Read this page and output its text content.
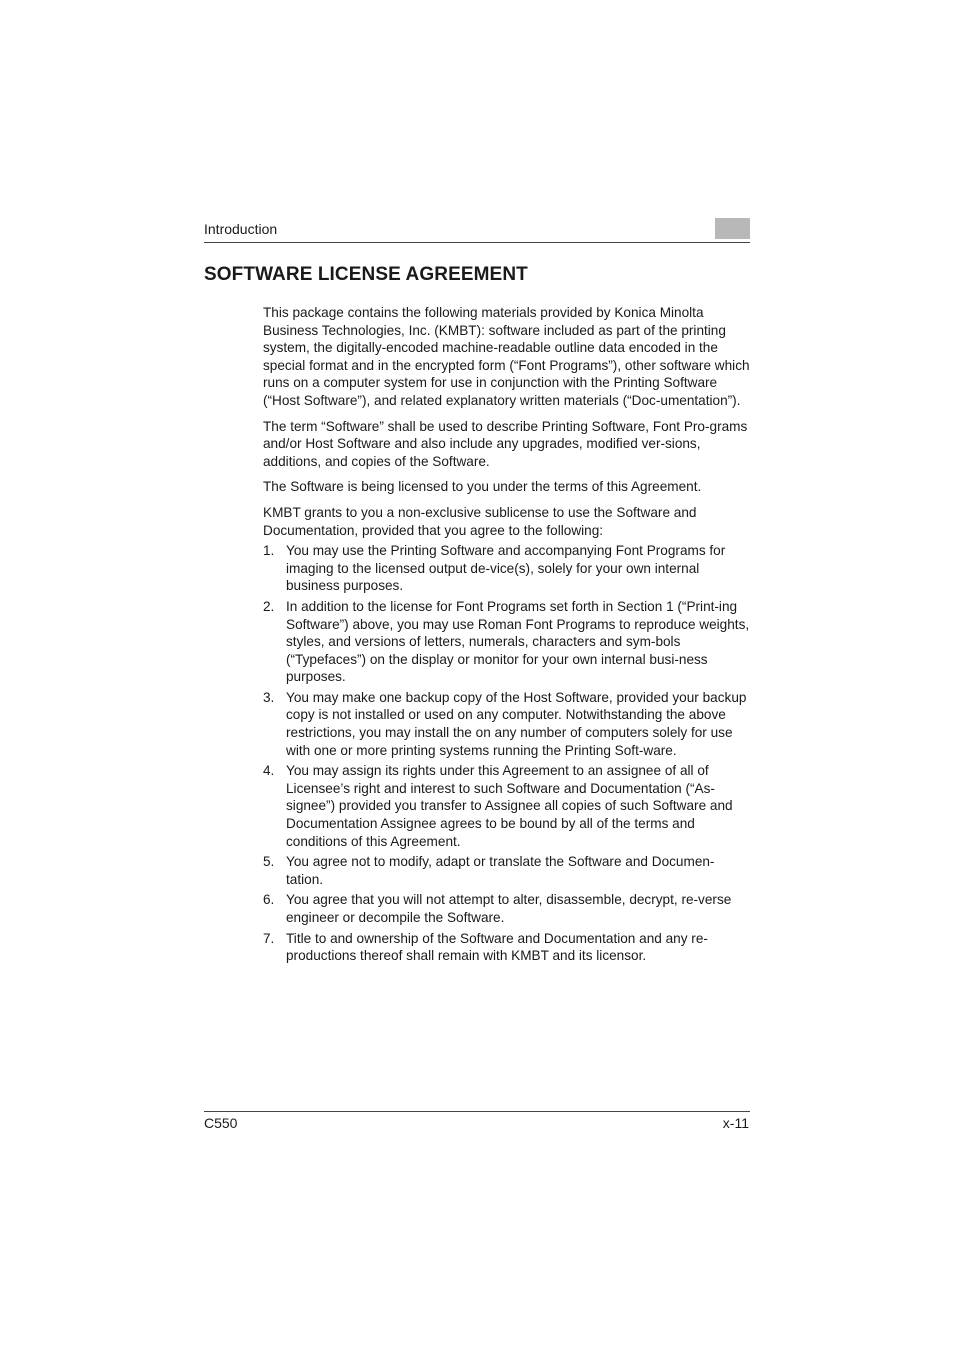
Introduction
SOFTWARE LICENSE AGREEMENT

This package contains the following materials provided by Konica Minolta Business Technologies, Inc. (KMBT): software included as part of the printing system, the digitally-encoded machine-readable outline data encoded in the special format and in the encrypted form (“Font Programs”), other software which runs on a computer system for use in conjunction with the Printing Software (“Host Software”), and related explanatory written materials (“Doc-umentation”).

The term “Software” shall be used to describe Printing Software, Font Pro-grams and/or Host Software and also include any upgrades, modified ver-sions, additions, and copies of the Software.

The Software is being licensed to you under the terms of this Agreement.

KMBT grants to you a non-exclusive sublicense to use the Software and Documentation, provided that you agree to the following:

1. You may use the Printing Software and accompanying Font Programs for imaging to the licensed output de-vice(s), solely for your own internal business purposes.
2. In addition to the license for Font Programs set forth in Section 1 (“Print-ing Software”) above, you may use Roman Font Programs to reproduce weights, styles, and versions of letters, numerals, characters and sym-bols (“Typefaces”) on the display or monitor for your own internal busi-ness purposes.
3. You may make one backup copy of the Host Software, provided your backup copy is not installed or used on any computer. Notwithstanding the above restrictions, you may install the on any number of computers solely for use with one or more printing systems running the Printing Soft-ware.
4. You may assign its rights under this Agreement to an assignee of all of Licensee’s right and interest to such Software and Documentation (“As-signee”) provided you transfer to Assignee all copies of such Software and Documentation Assignee agrees to be bound by all of the terms and conditions of this Agreement.
5. You agree not to modify, adapt or translate the Software and Documen-tation.
6. You agree that you will not attempt to alter, disassemble, decrypt, re-verse engineer or decompile the Software.
7. Title to and ownership of the Software and Documentation and any re-productions thereof shall remain with KMBT and its licensor.
C550	x-11
